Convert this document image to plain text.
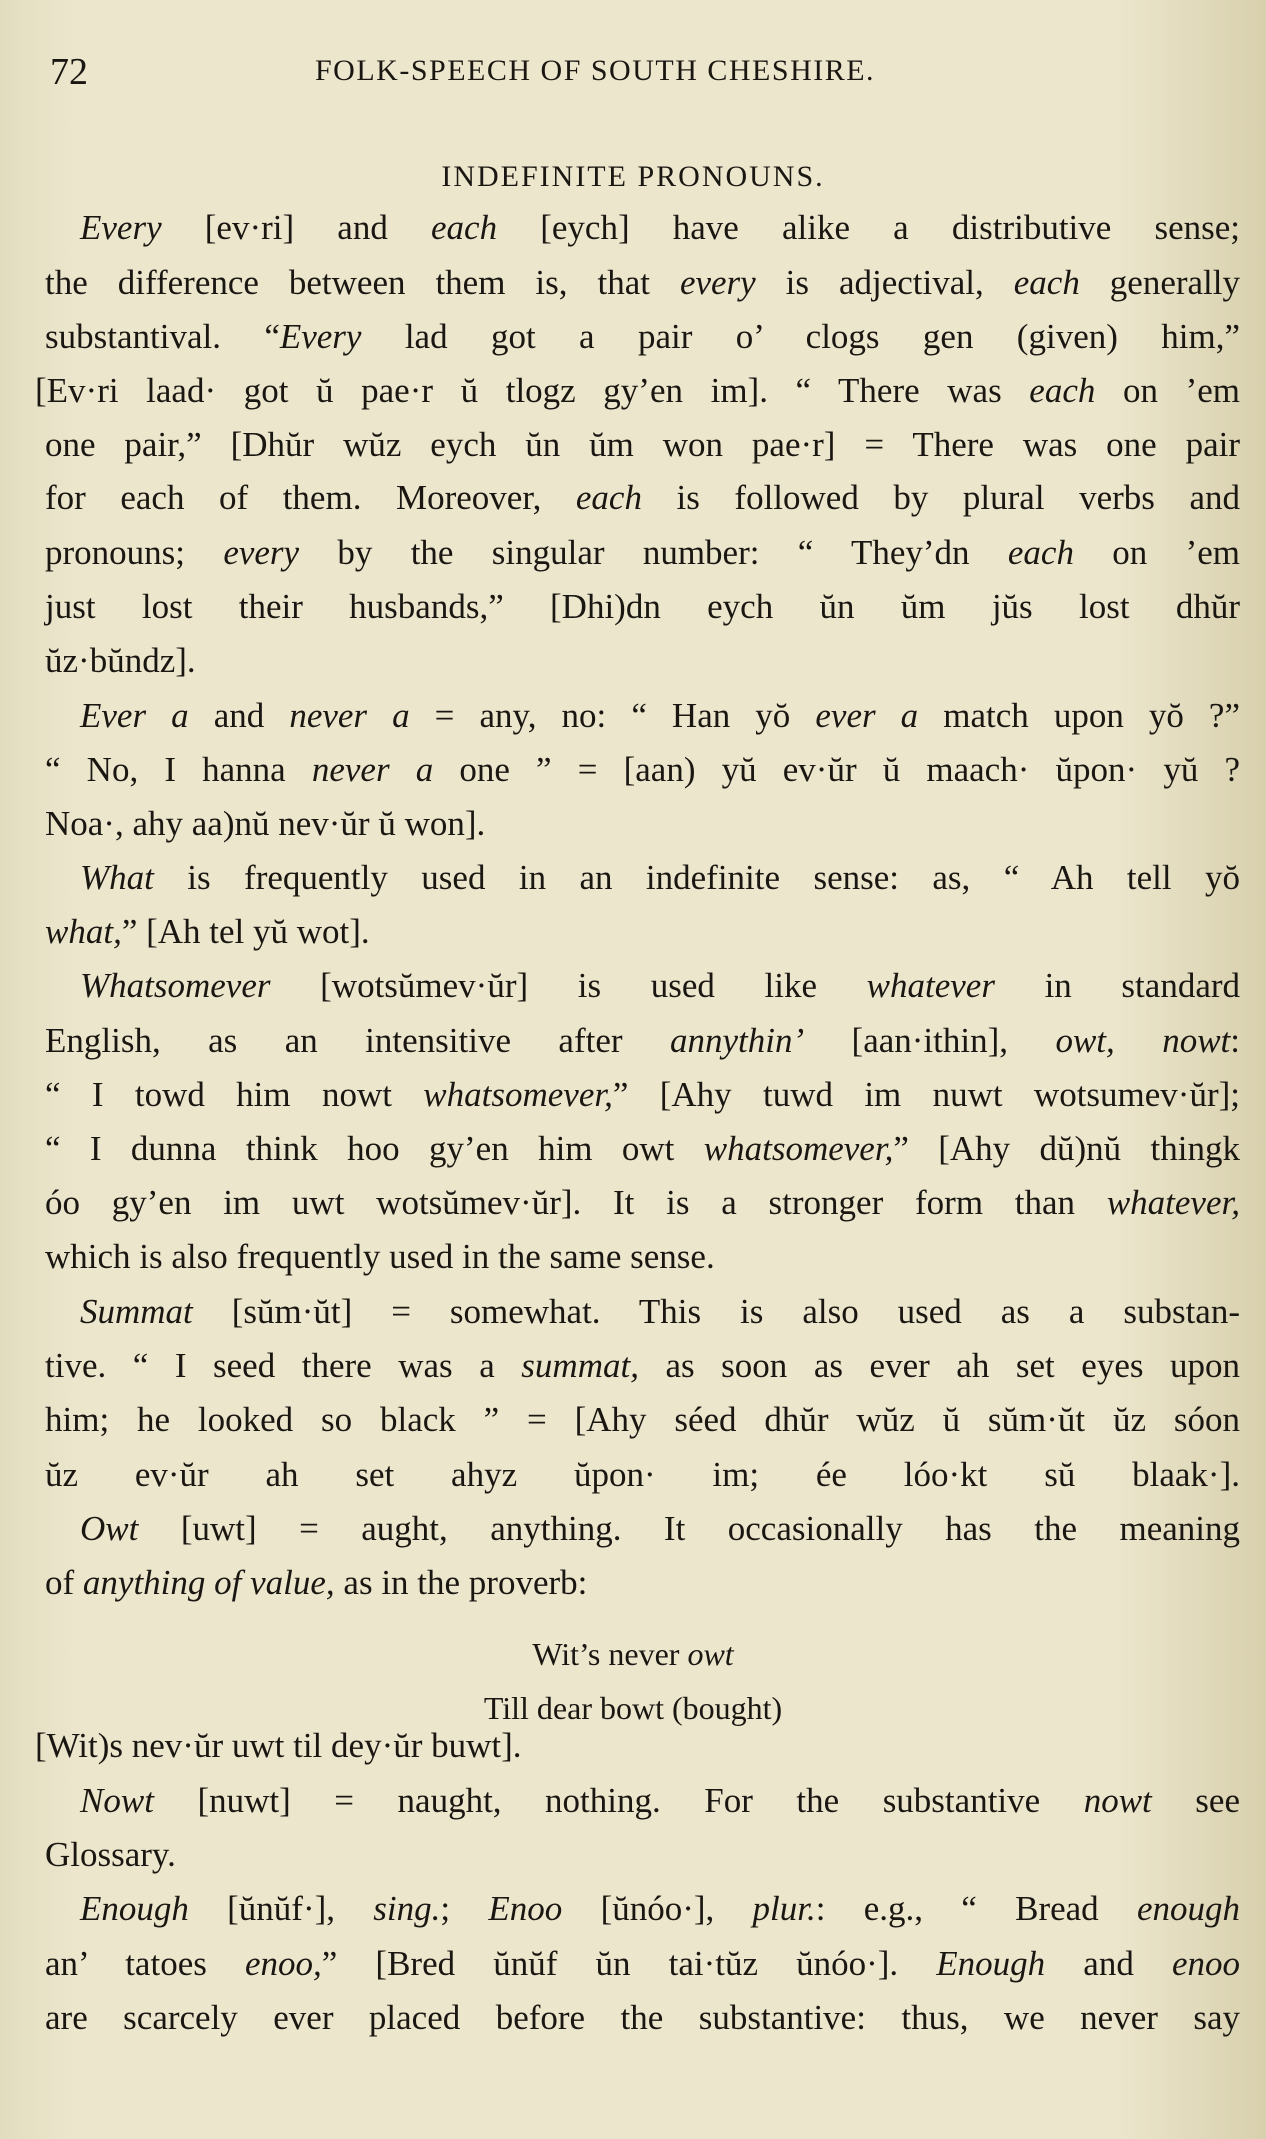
72	FOLK-SPEECH OF SOUTH CHESHIRE.
INDEFINITE PRONOUNS.
Every [ev·ri] and each [eych] have alike a distributive sense;
the difference between them is, that every is adjectival, each generally
substantival. “Every lad got a pair o’ clogs gen (given) him,”
[Ev·ri laad· got ŭ pae·r ŭ tlogz gy’en im]. “ There was each on ’em
one pair,” [Dhŭr wŭz eych ŭn ŭm won pae·r] = There was one pair
for each of them. Moreover, each is followed by plural verbs and
pronouns; every by the singular number: “ They’dn each on ’em
just lost their husbands,” [Dhi)dn eych ŭn ŭm jŭs lost dhŭr
ŭz·bŭndz].
Ever a and never a = any, no: “ Han yŏ ever a match upon yŏ ?”
“ No, I hanna never a one ” = [aan) yŭ ev·ŭr ŭ maach· ŭpon· yŭ ?
Noa·, ahy aa)nŭ nev·ŭr ŭ won].
What is frequently used in an indefinite sense: as, “ Ah tell yŏ
what,” [Ah tel yŭ wot].
Whatsomever [wotsŭmev·ŭr] is used like whatever in standard
English, as an intensitive after annythin’ [aan·ithin], owt, nowt:
“ I towd him nowt whatsomever,” [Ahy tuwd im nuwt wotsumev·ŭr];
“ I dunna think hoo gy’en him owt whatsomever,” [Ahy dŭ)nŭ thingk
óo gy’en im uwt wotsŭmev·ŭr]. It is a stronger form than whatever,
which is also frequently used in the same sense.
Summat [sŭm·ŭt] = somewhat. This is also used as a substan-
tive. “ I seed there was a summat, as soon as ever ah set eyes upon
him; he looked so black ” = [Ahy séed dhŭr wŭz ŭ sŭm·ŭt ŭz sóon
ŭz ev·ŭr ah set ahyz ŭpon· im; ée lóo·kt sŭ blaak·].
Owt [uwt] = aught, anything. It occasionally has the meaning
of anything of value, as in the proverb:
[Wit)s nev·ŭr uwt til dey·ŭr buwt].
Nowt [nuwt] = naught, nothing. For the substantive nowt see
Glossary.
Enough [ŭnŭf·], sing.; Enoo [ŭnóo·], plur.: e.g., “ Bread enough
an’ tatoes enoo,” [Bred ŭnŭf ŭn tai·tŭz ŭnóo·]. Enough and enoo
are scarcely ever placed before the substantive: thus, we never say
Wit’s never owt
Till dear bowt (bought)
